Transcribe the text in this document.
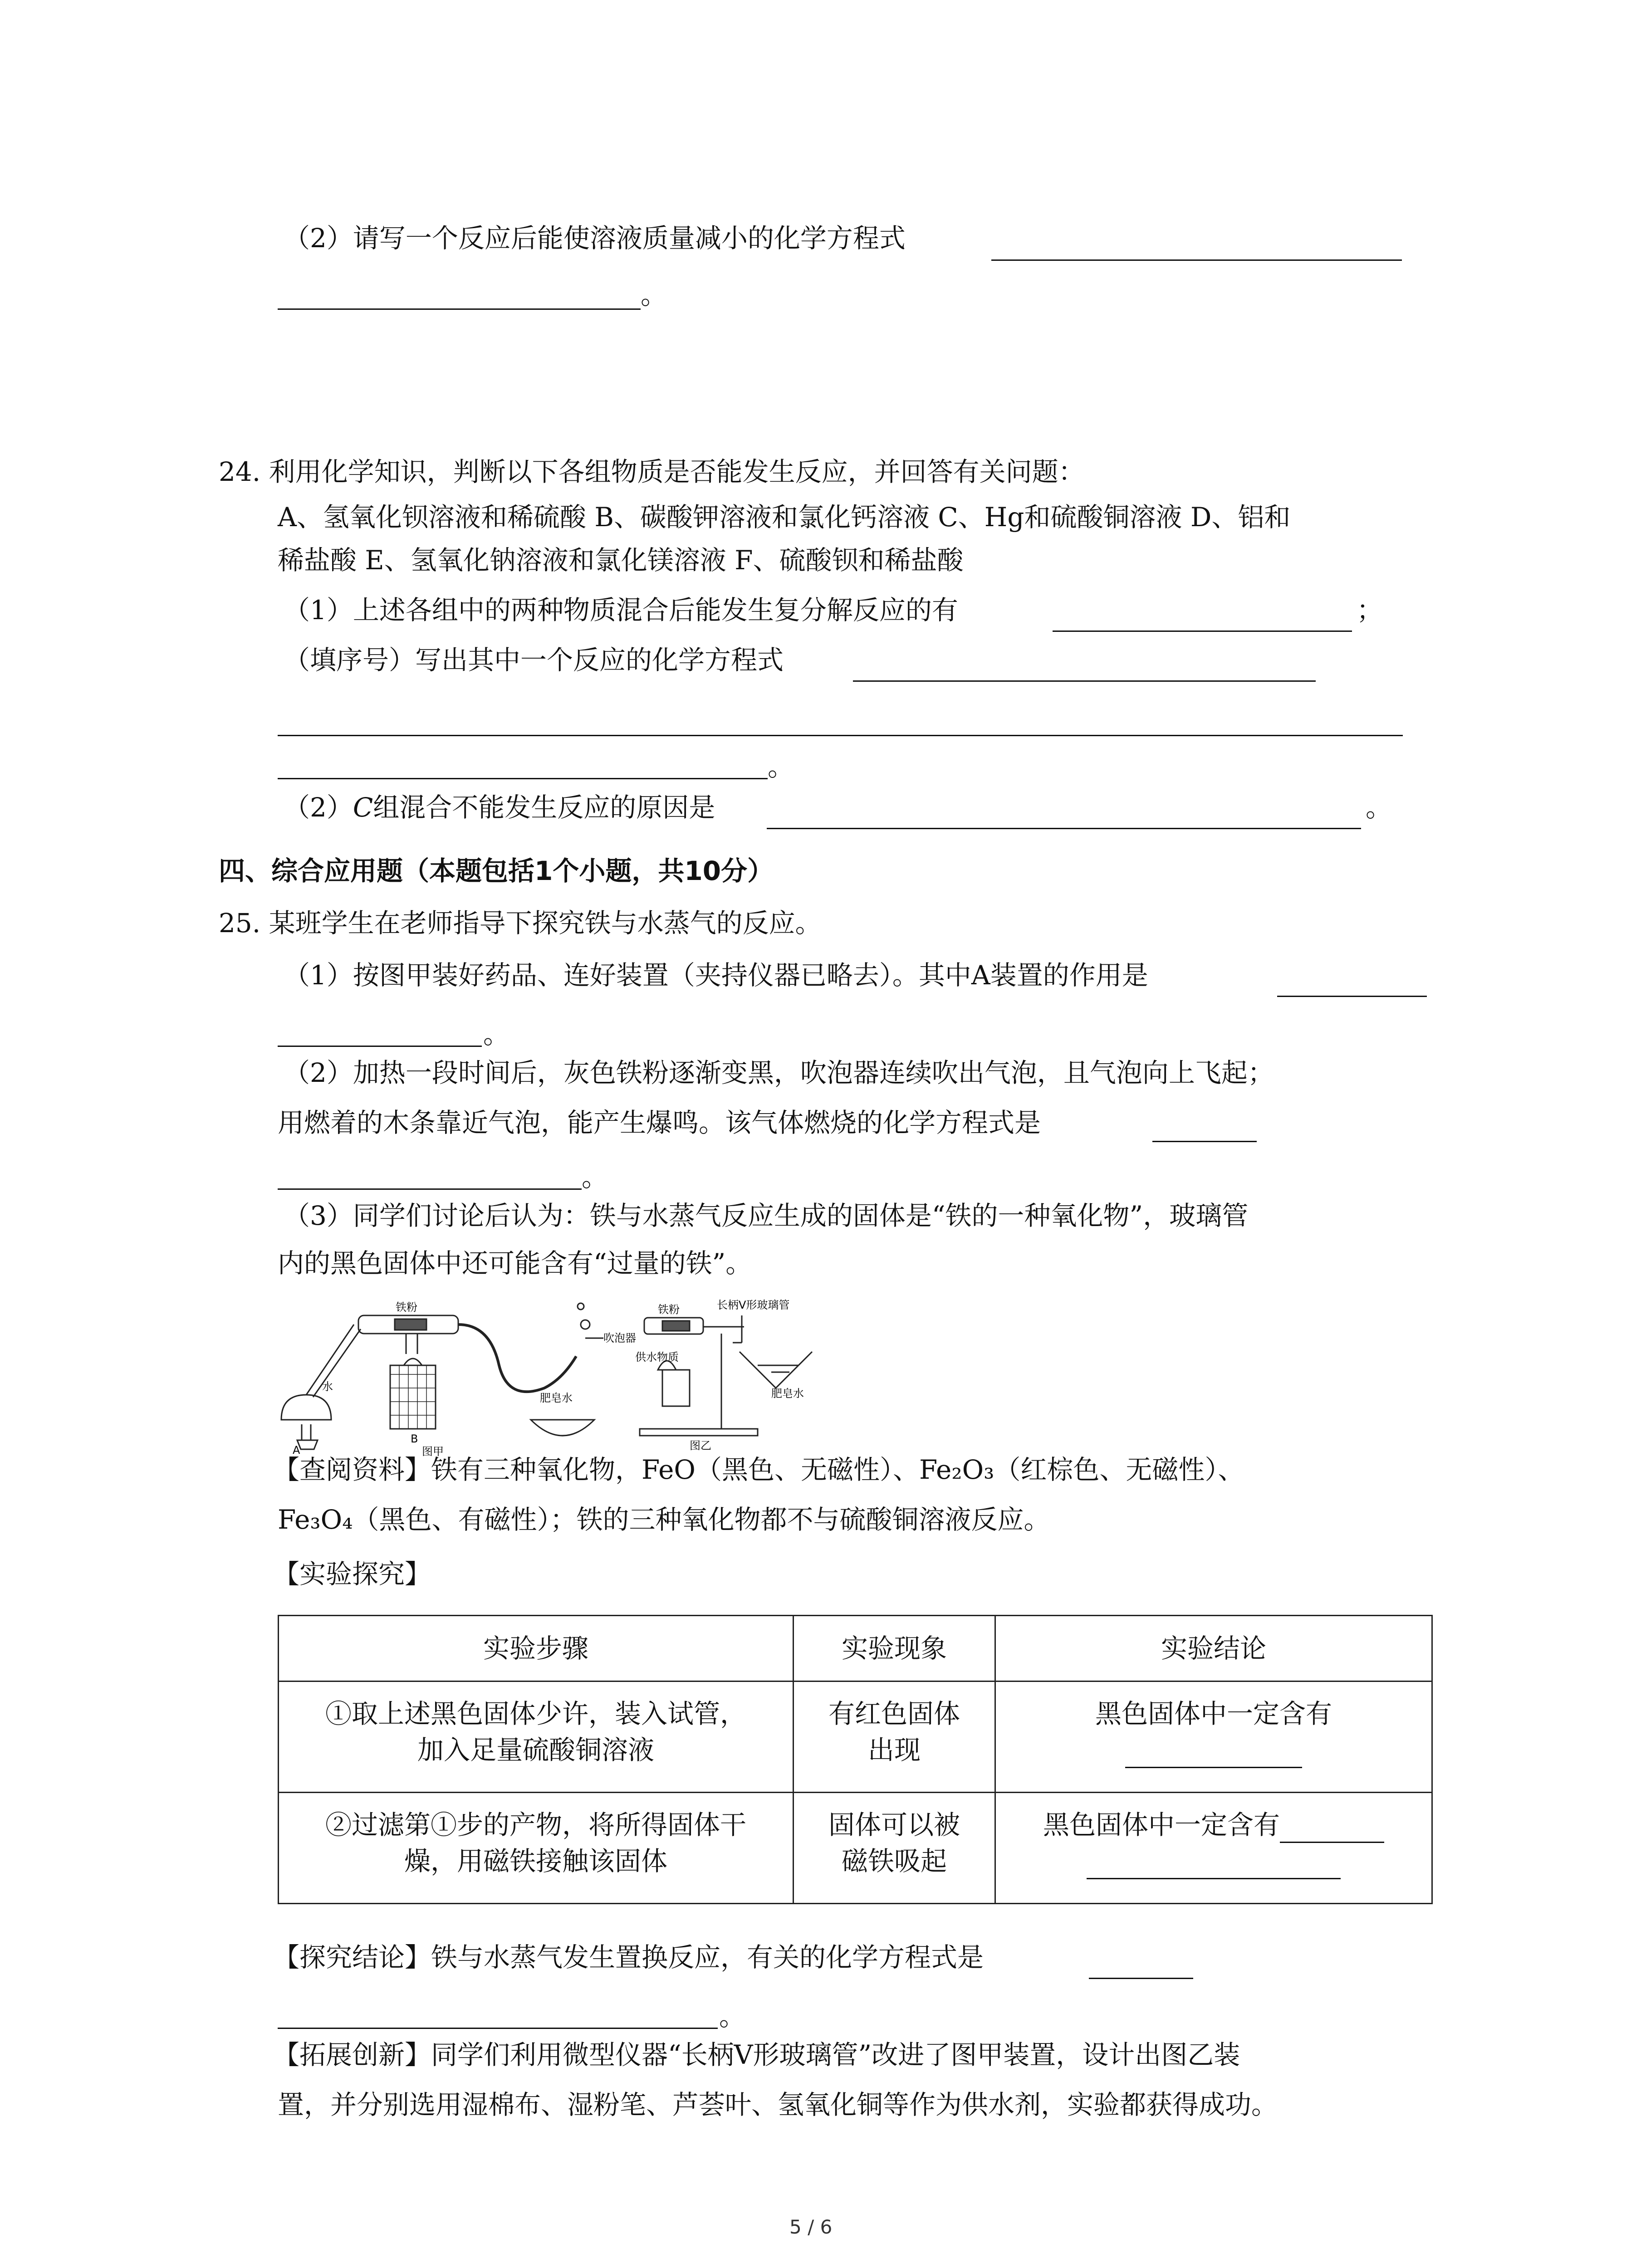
（2）请写一个反应后能使溶液质量减小的化学方程式
。
24. 利用化学知识，判断以下各组物质是否能发生反应，并回答有关问题：
A、氢氧化钡溶液和稀硫酸 B、碳酸钾溶液和氯化钙溶液 C、Hg和硫酸铜溶液 D、铝和
稀盐酸 E、氢氧化钠溶液和氯化镁溶液 F、硫酸钡和稀盐酸
（1）上述各组中的两种物质混合后能发生复分解反应的有	；
（填序号）写出其中一个反应的化学方程式
。
（2）C组混合不能发生反应的原因是	。
四、综合应用题（本题包括1个小题，共10分）
25. 某班学生在老师指导下探究铁与水蒸气的反应。
（1）按图甲装好药品、连好装置（夹持仪器已略去）。其中A装置的作用是
。
（2）加热一段时间后，灰色铁粉逐渐变黑，吹泡器连续吹出气泡，且气泡向上飞起；
用燃着的木条靠近气泡，能产生爆鸣。该气体燃烧的化学方程式是
。
（3）同学们讨论后认为：铁与水蒸气反应生成的固体是“铁的一种氧化物”，玻璃管
内的黑色固体中还可能含有“过量的铁”。
铁粉
水
吹泡器
肥皂水
A
B
图甲
铁粉	长柄V形玻璃管
供水物质
肥皂水
图乙
【查阅资料】铁有三种氧化物，FeO（黑色、无磁性）、Fe₂O₃（红棕色、无磁性）、
Fe₃O₄（黑色、有磁性）；铁的三种氧化物都不与硫酸铜溶液反应。
【实验探究】
实验步骤	实验现象	实验结论
①取上述黑色固体少许，装入试管，
加入足量硫酸铜溶液	有红色固体
出现	黑色固体中一定含有

②过滤第①步的产物，将所得固体干
燥，用磁铁接触该固体	固体可以被
磁铁吸起	黑色固体中一定含有

【探究结论】铁与水蒸气发生置换反应，有关的化学方程式是
。
【拓展创新】同学们利用微型仪器“长柄V形玻璃管”改进了图甲装置，设计出图乙装
置，并分别选用湿棉布、湿粉笔、芦荟叶、氢氧化铜等作为供水剂，实验都获得成功。
5 / 6
